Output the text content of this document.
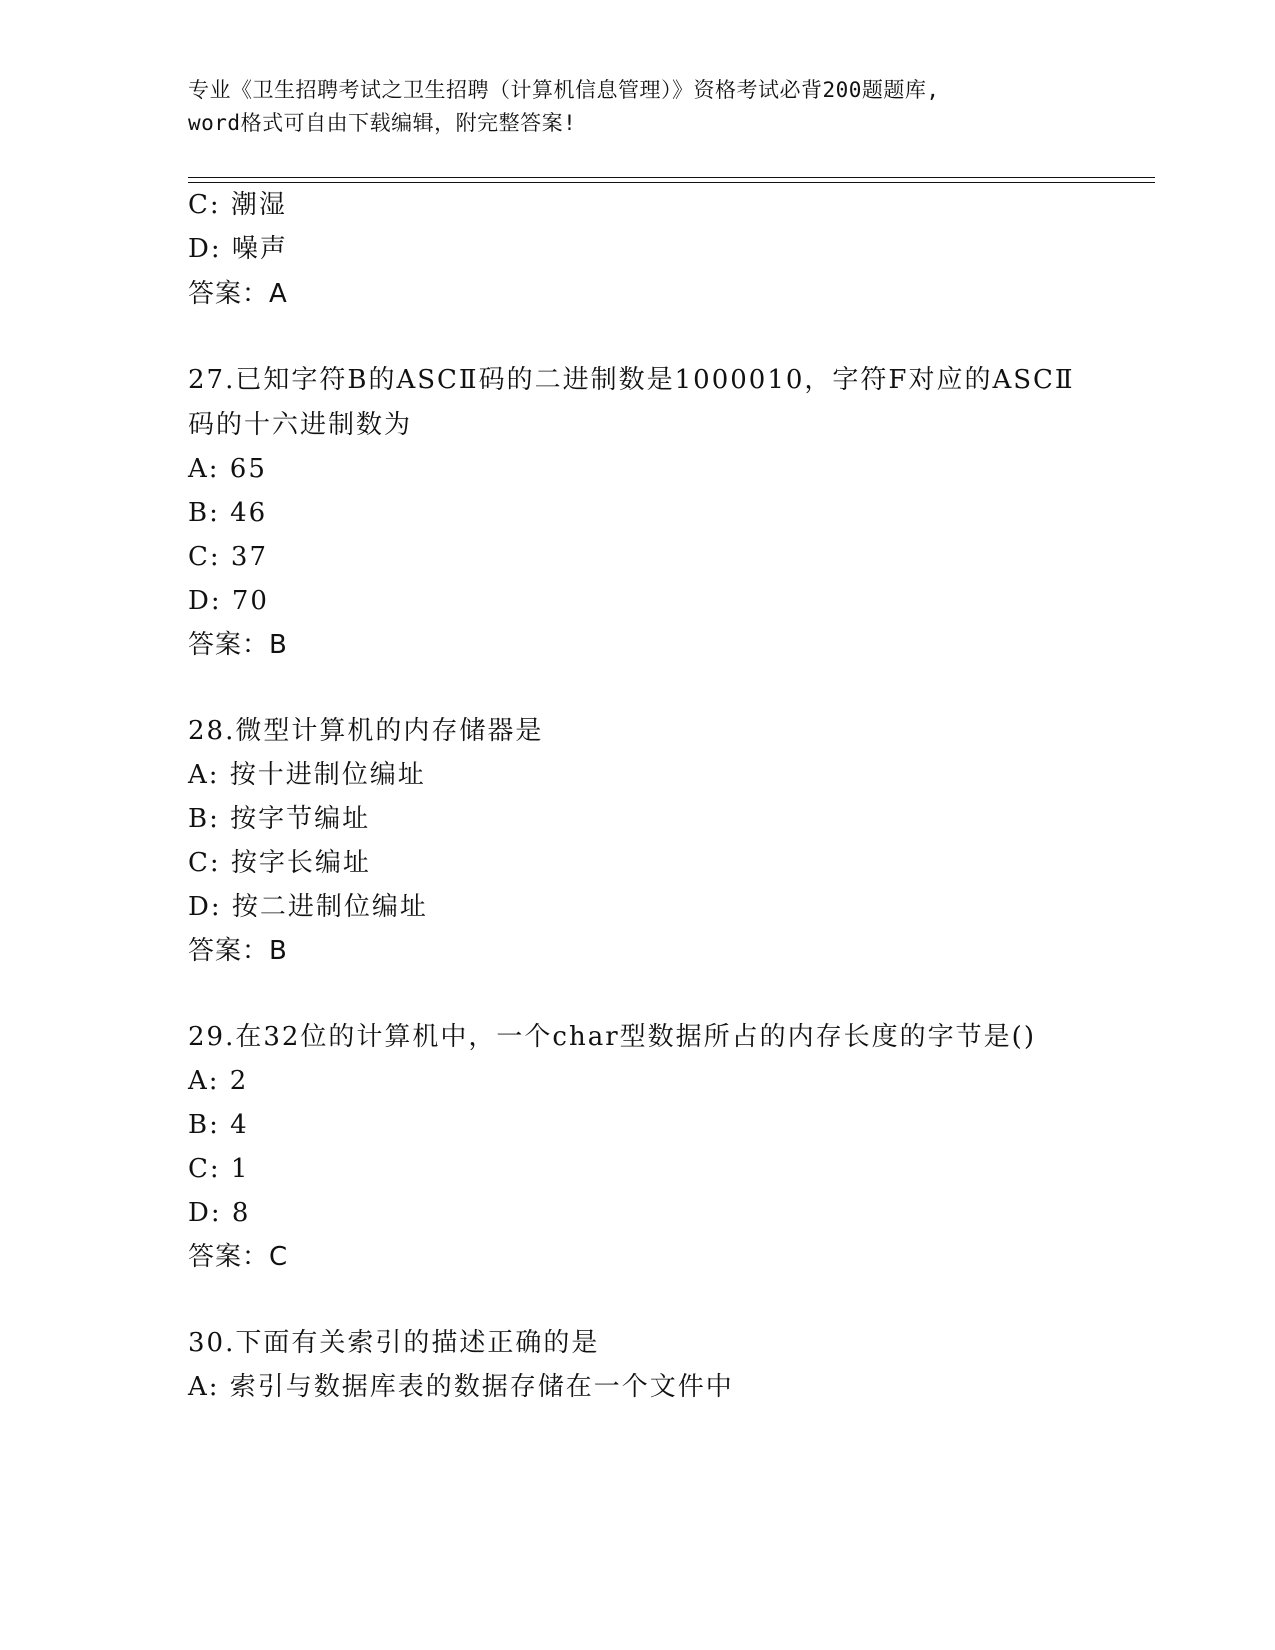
专业《卫生招聘考试之卫生招聘（计算机信息管理）》资格考试必背200题题库,
word格式可自由下载编辑，附完整答案!
C: 潮湿
D: 噪声
答案：A
27.已知字符B的ASCⅡ码的二进制数是1000010，字符F对应的ASCⅡ
码的十六进制数为
A: 65
B: 46
C: 37
D: 70
答案：B
28.微型计算机的内存储器是
A: 按十进制位编址
B: 按字节编址
C: 按字长编址
D: 按二进制位编址
答案：B
29.在32位的计算机中，一个char型数据所占的内存长度的字节是()
A: 2
B: 4
C: 1
D: 8
答案：C
30.下面有关索引的描述正确的是
A: 索引与数据库表的数据存储在一个文件中
